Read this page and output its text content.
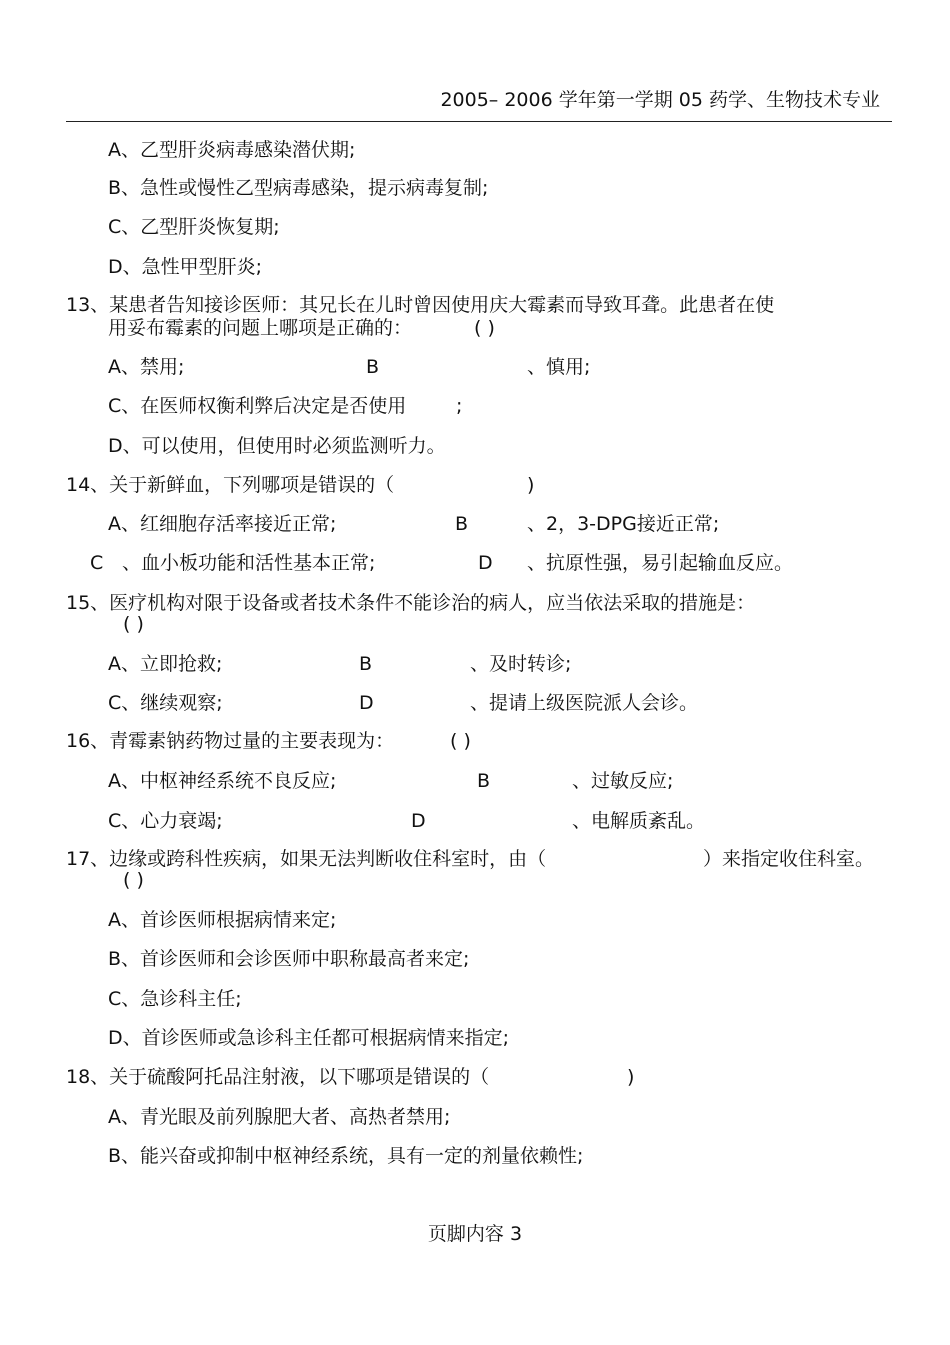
2005– 2006 学年第一学期 05 药学、生物技术专业
A、乙型肝炎病毒感染潜伏期;
B、急性或慢性乙型病毒感染，提示病毒复制;
C、乙型肝炎恢复期;
D、急性甲型肝炎;
13、某患者告知接诊医师：其兄长在儿时曾因使用庆大霉素而导致耳聋。此患者在使
用妥布霉素的问题上哪项是正确的：	( )
A、禁用;	B	、慎用;
C、在医师权衡利弊后决定是否使用	;
D、可以使用，但使用时必须监测听力。
14、关于新鲜血，下列哪项是错误的（	)
A、红细胞存活率接近正常;	B	、2，3-DPG接近正常;
C 、血小板功能和活性基本正常;	D 、抗原性强，易引起输血反应。
15、医疗机构对限于设备或者技术条件不能诊治的病人，应当依法采取的措施是：
( )
A、立即抢救;	B	、及时转诊;
C、继续观察;	D	、提请上级医院派人会诊。
16、青霉素钠药物过量的主要表现为：	( )
A、中枢神经系统不良反应;	B	、过敏反应;
C、心力衰竭;	D	、电解质紊乱。
17、边缘或跨科性疾病，如果无法判断收住科室时，由（	）来指定收住科室。
( )
A、首诊医师根据病情来定;
B、首诊医师和会诊医师中职称最高者来定;
C、急诊科主任;
D、首诊医师或急诊科主任都可根据病情来指定;
18、关于硫酸阿托品注射液，以下哪项是错误的（	)
A、青光眼及前列腺肥大者、高热者禁用;
B、能兴奋或抑制中枢神经系统，具有一定的剂量依赖性;
页脚内容 3
